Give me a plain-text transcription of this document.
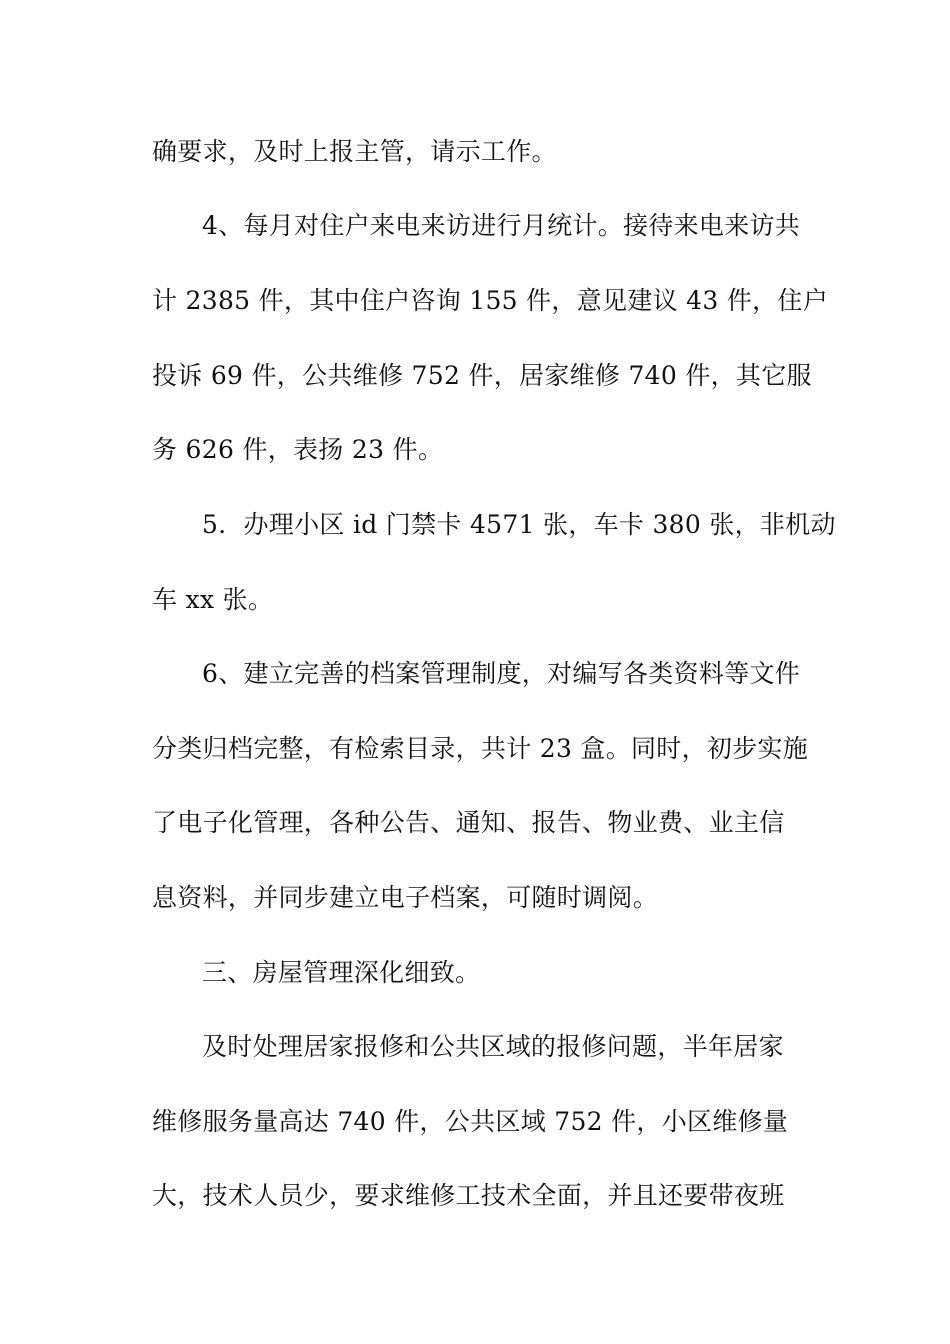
确要求，及时上报主管，请示工作。
4、每月对住户来电来访进行月统计。接待来电来访共
计 2385 件，其中住户咨询 155 件，意见建议 43 件，住户
投诉 69 件，公共维修 752 件，居家维修 740 件，其它服
务 626 件，表扬 23 件。
5．办理小区 id 门禁卡 4571 张，车卡 380 张，非机动
车 xx 张。
6、建立完善的档案管理制度，对编写各类资料等文件
分类归档完整，有检索目录，共计 23 盒。同时，初步实施
了电子化管理，各种公告、通知、报告、物业费、业主信
息资料，并同步建立电子档案，可随时调阅。
三、房屋管理深化细致。
及时处理居家报修和公共区域的报修问题，半年居家
维修服务量高达 740 件，公共区域 752 件，小区维修量
大，技术人员少，要求维修工技术全面，并且还要带夜班
